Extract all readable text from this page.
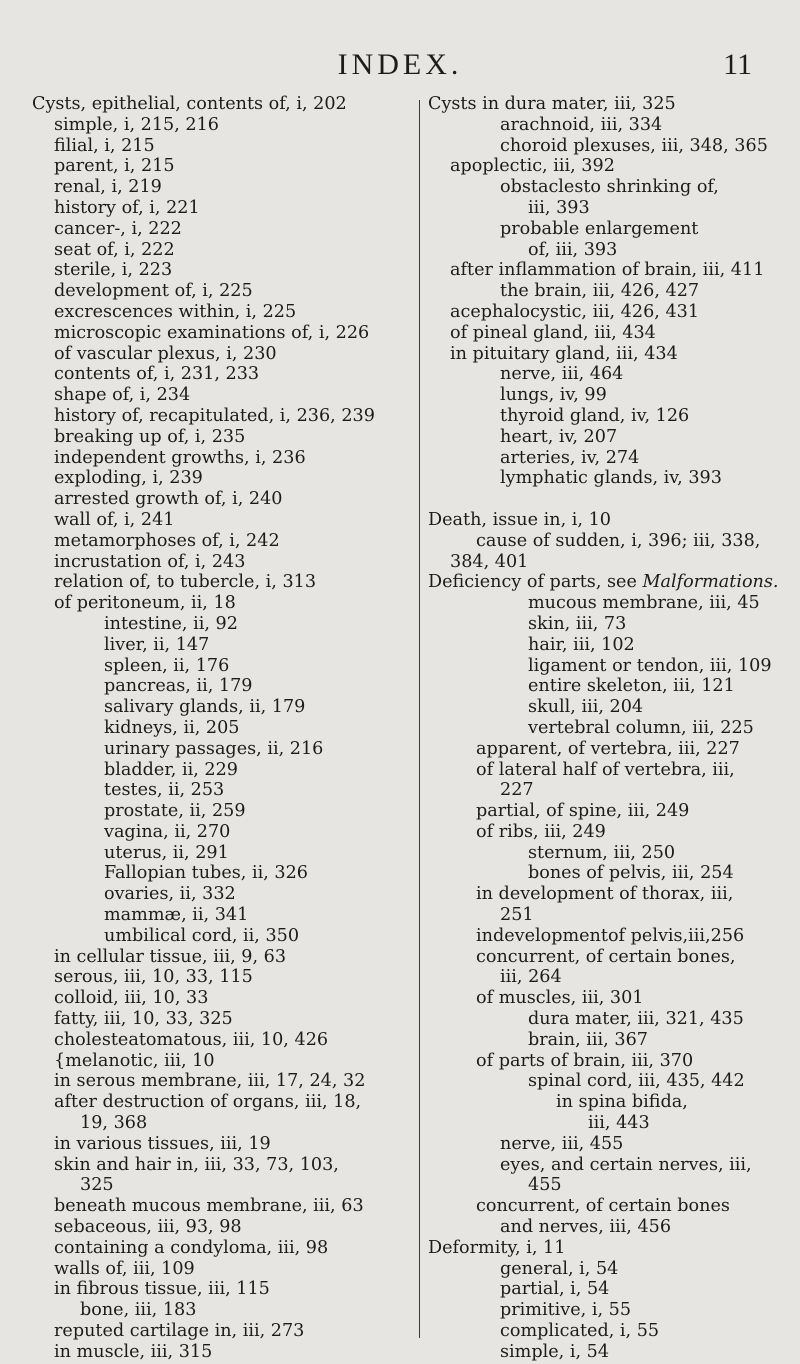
INDEX.	11
Cysts, epithelial, contents of, i, 202
simple, i, 215, 216
filial, i, 215
parent, i, 215
renal, i, 219
history of, i, 221
cancer-, i, 222
seat of, i, 222
sterile, i, 223
development of, i, 225
excrescences within, i, 225
microscopic examinations of, i, 226
of vascular plexus, i, 230
contents of, i, 231, 233
shape of, i, 234
history of, recapitulated, i, 236, 239
breaking up of, i, 235
independent growths, i, 236
exploding, i, 239
arrested growth of, i, 240
wall of, i, 241
metamorphoses of, i, 242
incrustation of, i, 243
relation of, to tubercle, i, 313
of peritoneum, ii, 18
intestine, ii, 92
liver, ii, 147
spleen, ii, 176
pancreas, ii, 179
salivary glands, ii, 179
kidneys, ii, 205
urinary passages, ii, 216
bladder, ii, 229
testes, ii, 253
prostate, ii, 259
vagina, ii, 270
uterus, ii, 291
Fallopian tubes, ii, 326
ovaries, ii, 332
mammæ, ii, 341
umbilical cord, ii, 350
in cellular tissue, iii, 9, 63
serous, iii, 10, 33, 115
colloid, iii, 10, 33
fatty, iii, 10, 33, 325
cholesteatomatous, iii, 10, 426
{melanotic, iii, 10
in serous membrane, iii, 17, 24, 32
after destruction of organs, iii, 18,
19, 368
in various tissues, iii, 19
skin and hair in, iii, 33, 73, 103,
325
beneath mucous membrane, iii, 63
sebaceous, iii, 93, 98
containing a condyloma, iii, 98
walls of, iii, 109
in fibrous tissue, iii, 115
bone, iii, 183
reputed cartilage in, iii, 273
in muscle, iii, 315
Cysts in dura mater, iii, 325
arachnoid, iii, 334
choroid plexuses, iii, 348, 365
apoplectic, iii, 392
obstaclesto shrinking of,
iii, 393
probable enlargement
of, iii, 393
after inflammation of brain, iii, 411
the brain, iii, 426, 427
acephalocystic, iii, 426, 431
of pineal gland, iii, 434
in pituitary gland, iii, 434
nerve, iii, 464
lungs, iv, 99
thyroid gland, iv, 126
heart, iv, 207
arteries, iv, 274
lymphatic glands, iv, 393
Death, issue in, i, 10
cause of sudden, i, 396; iii, 338,
384, 401
Deficiency of parts, see Malformations.
mucous membrane, iii, 45
skin, iii, 73
hair, iii, 102
ligament or tendon, iii, 109
entire skeleton, iii, 121
skull, iii, 204
vertebral column, iii, 225
apparent, of vertebra, iii, 227
of lateral half of vertebra, iii,
227
partial, of spine, iii, 249
of ribs, iii, 249
sternum, iii, 250
bones of pelvis, iii, 254
in development of thorax, iii,
251
indevelopmentof pelvis,iii,256
concurrent, of certain bones,
iii, 264
of muscles, iii, 301
dura mater, iii, 321, 435
brain, iii, 367
of parts of brain, iii, 370
spinal cord, iii, 435, 442
in spina bifida,
iii, 443
nerve, iii, 455
eyes, and certain nerves, iii,
455
concurrent, of certain bones
and nerves, iii, 456
Deformity, i, 11
general, i, 54
partial, i, 54
primitive, i, 55
complicated, i, 55
simple, i, 54
